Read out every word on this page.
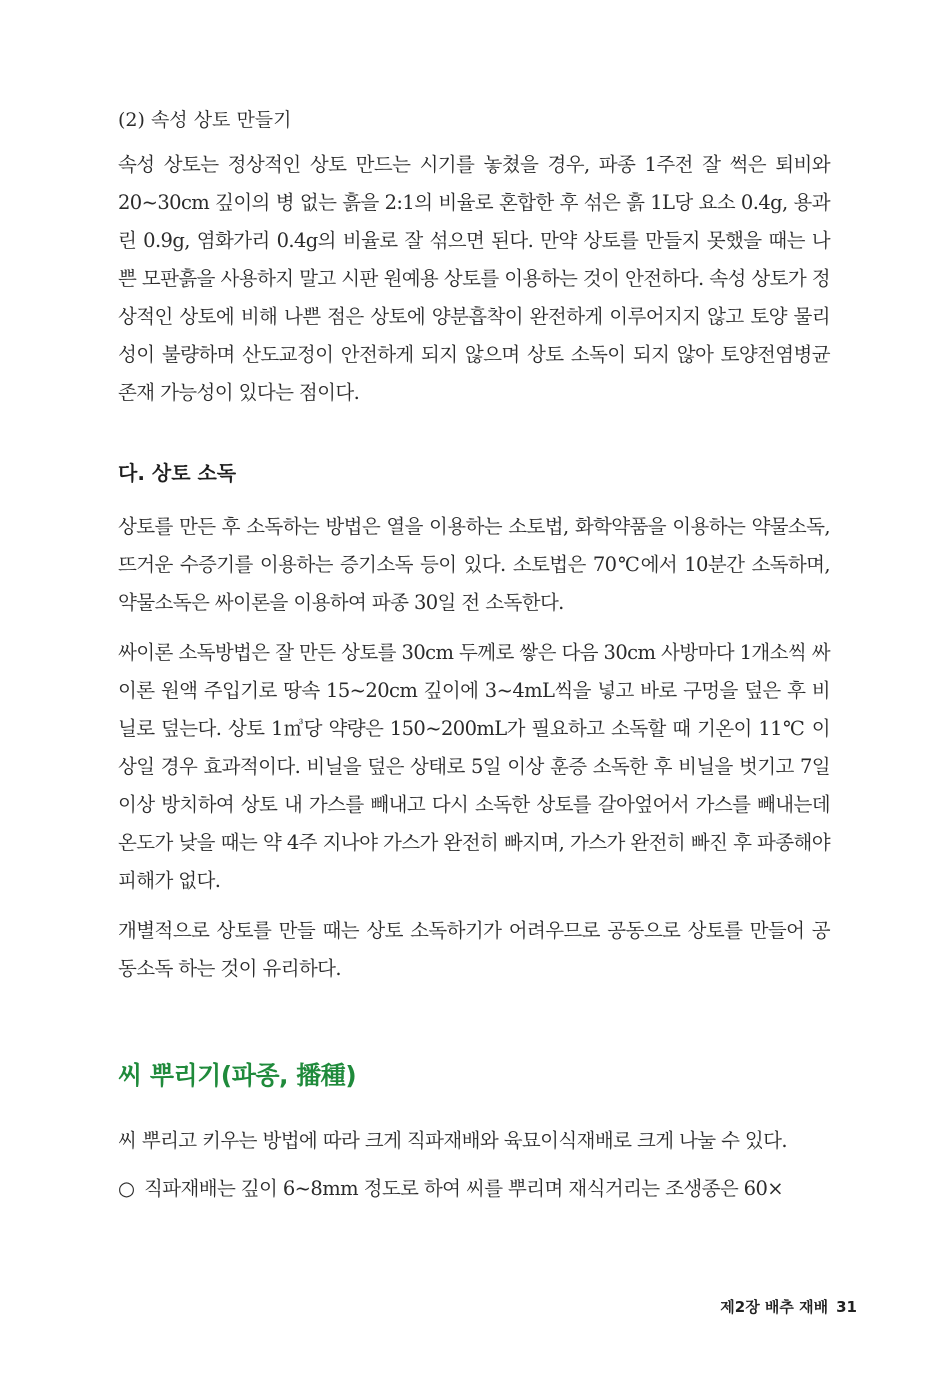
(2) 속성 상토 만들기

속성 상토는 정상적인 상토 만드는 시기를 놓쳤을 경우, 파종 1주전 잘 썩은 퇴비와 20~30cm 깊이의 병 없는 흙을 2:1의 비율로 혼합한 후 섞은 흙 1L당 요소 0.4g, 용과린 0.9g, 염화가리 0.4g의 비율로 잘 섞으면 된다. 만약 상토를 만들지 못했을 때는 나쁜 모판흙을 사용하지 말고 시판 원예용 상토를 이용하는 것이 안전하다. 속성 상토가 정상적인 상토에 비해 나쁜 점은 상토에 양분흡착이 완전하게 이루어지지 않고 토양 물리성이 불량하며 산도교정이 안전하게 되지 않으며 상토 소독이 되지 않아 토양전염병균 존재 가능성이 있다는 점이다.

다. 상토 소독

상토를 만든 후 소독하는 방법은 열을 이용하는 소토법, 화학약품을 이용하는 약물소독, 뜨거운 수증기를 이용하는 증기소독 등이 있다. 소토법은 70℃에서 10분간 소독하며, 약물소독은 싸이론을 이용하여 파종 30일 전 소독한다.

싸이론 소독방법은 잘 만든 상토를 30cm 두께로 쌓은 다음 30cm 사방마다 1개소씩 싸이론 원액 주입기로 땅속 15~20cm 깊이에 3~4mL씩을 넣고 바로 구멍을 덮은 후 비닐로 덮는다. 상토 1㎥당 약량은 150~200mL가 필요하고 소독할 때 기온이 11℃ 이상일 경우 효과적이다. 비닐을 덮은 상태로 5일 이상 훈증 소독한 후 비닐을 벗기고 7일 이상 방치하여 상토 내 가스를 빼내고 다시 소독한 상토를 갈아엎어서 가스를 빼내는데 온도가 낮을 때는 약 4주 지나야 가스가 완전히 빠지며, 가스가 완전히 빠진 후 파종해야 피해가 없다.

개별적으로 상토를 만들 때는 상토 소독하기가 어려우므로 공동으로 상토를 만들어 공동소독 하는 것이 유리하다.

씨 뿌리기(파종, 播種)

씨 뿌리고 키우는 방법에 따라 크게 직파재배와 육묘이식재배로 크게 나눌 수 있다.

○ 직파재배는 깊이 6~8mm 정도로 하여 씨를 뿌리며 재식거리는 조생종은 60×
제2장 배추 재배 31
